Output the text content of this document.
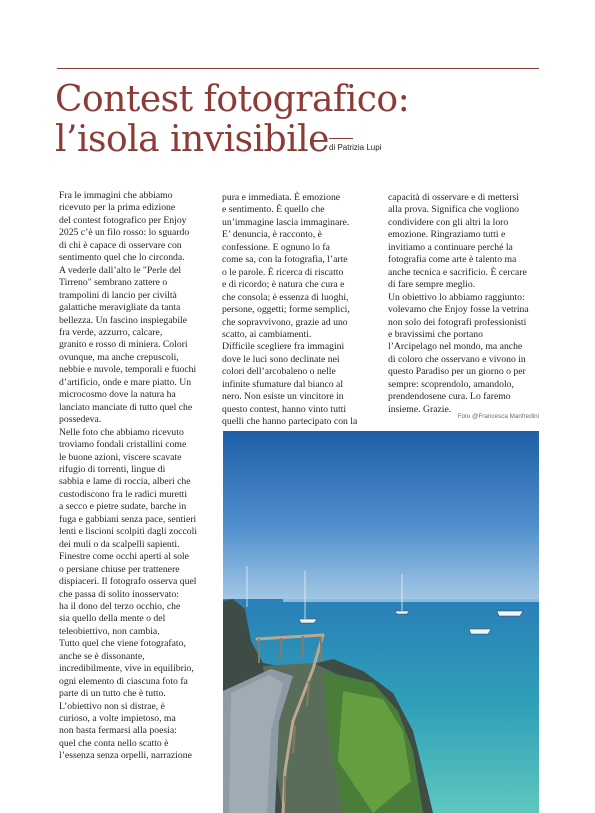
Contest fotografico:
l’isola invisibile di Patrizia Lupi

Fra le immagini che abbiamo

ricevuto per la prima edizione

del contest fotografico per Enjoy

2025 c’è un filo rosso: lo sguardo

di chi è capace di osservare con

sentimento quel che lo circonda.

A vederle dall’alto le "Perle del

Tirreno" sembrano zattere o

trampolini di lancio per civiltà

galattiche meravigliate da tanta

bellezza. Un fascino inspiegabile

fra verde, azzurro, calcare,

granito e rosso di miniera. Colori

ovunque, ma anche crepuscoli,

nebbie e nuvole, temporali e fuochi

d’artificio, onde e mare piatto. Un

microcosmo dove la natura ha

lanciato manciate di tutto quel che

possedeva.

Nelle foto che abbiamo ricevuto

troviamo fondali cristallini come

le buone azioni, viscere scavate

rifugio di torrenti, lingue di

sabbia e lame di roccia, alberi che

custodiscono fra le radici muretti

a secco e pietre sudate, barche in

fuga e gabbiani senza pace, sentieri

lenti e liscioni scolpiti dagli zoccoli

dei muli o da scalpelli sapienti.

Finestre come occhi aperti al sole

o persiane chiuse per trattenere

dispiaceri. Il fotografo osserva quel

che passa di solito inosservato:

ha il dono del terzo occhio, che

sia quello della mente o del

teleobiettivo, non cambia.

Tutto quel che viene fotografato,

anche se è dissonante,

incredibilmente, vive in equilibrio,

ogni elemento di ciascuna foto fa

parte di un tutto che è tutto.

L’obiettivo non si distrae, è

curioso, a volte impietoso, ma

non basta fermarsi alla poesia:

quel che conta nello scatto è

l’essenza senza orpelli, narrazione

pura e immediata. È emozione

e sentimento. È quello che

un’immagine lascia immaginare.

E’ denuncia, è racconto, è

confessione. E ognuno lo fa

come sa, con la fotografia, l’arte

o le parole. È ricerca di riscatto

e di ricordo; è natura che cura e

che consola; è essenza di luoghi,

persone, oggetti; forme semplici,

che sopravvivono, grazie ad uno

scatto, ai cambiamenti.

Difficile scegliere fra immagini

dove le luci sono declinate nei

colori dell’arcobaleno o nelle

infinite sfumature dal bianco al

nero. Non esiste un vincitore in

questo contest, hanno vinto tutti

quelli che hanno partecipato con la

capacità di osservare e di mettersi

alla prova. Significa che vogliono

condividere con gli altri la loro

emozione. Ringraziamo tutti e

invitiamo a continuare perché la

fotografia come arte è talento ma

anche tecnica e sacrificio. È cercare

di fare sempre meglio.

Un obiettivo lo abbiamo raggiunto:

volevamo che Enjoy fosse la vetrina

non solo dei fotografi professionisti

e bravissimi che portano

l’Arcipelago nel mondo, ma anche

di coloro che osservano e vivono in

questo Paradiso per un giorno o per

sempre: scoprendolo, amandolo,

prendendosene cura. Lo faremo

insieme. Grazie.

Foto @Francesca Manfredini
